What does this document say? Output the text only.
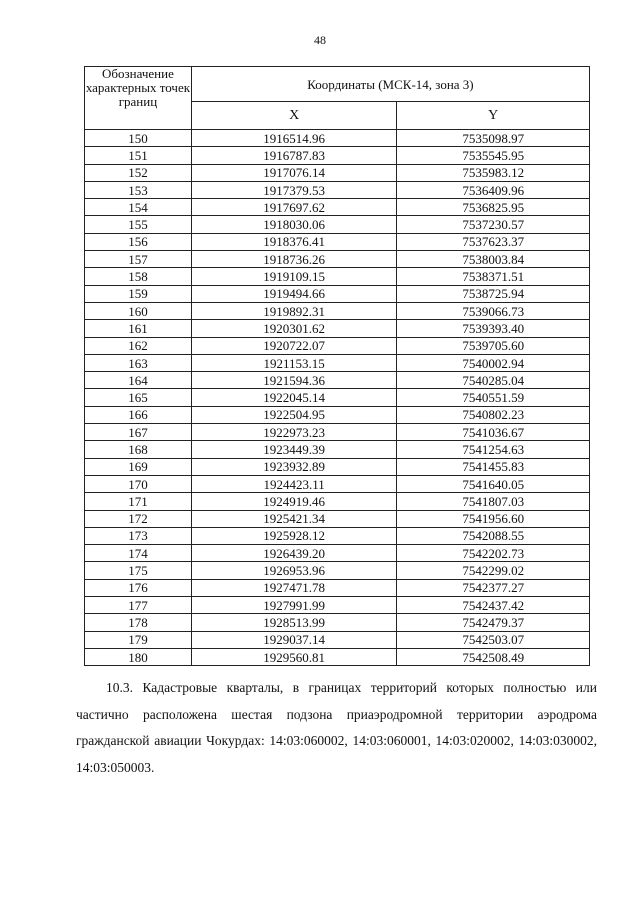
48
Обозначение характерных точек границ	Координаты (МСК-14, зона 3)	
	X	Y
150	1916514.96	7535098.97
151	1916787.83	7535545.95
152	1917076.14	7535983.12
153	1917379.53	7536409.96
154	1917697.62	7536825.95
155	1918030.06	7537230.57
156	1918376.41	7537623.37
157	1918736.26	7538003.84
158	1919109.15	7538371.51
159	1919494.66	7538725.94
160	1919892.31	7539066.73
161	1920301.62	7539393.40
162	1920722.07	7539705.60
163	1921153.15	7540002.94
164	1921594.36	7540285.04
165	1922045.14	7540551.59
166	1922504.95	7540802.23
167	1922973.23	7541036.67
168	1923449.39	7541254.63
169	1923932.89	7541455.83
170	1924423.11	7541640.05
171	1924919.46	7541807.03
172	1925421.34	7541956.60
173	1925928.12	7542088.55
174	1926439.20	7542202.73
175	1926953.96	7542299.02
176	1927471.78	7542377.27
177	1927991.99	7542437.42
178	1928513.99	7542479.37
179	1929037.14	7542503.07
180	1929560.81	7542508.49

10.3. Кадастровые кварталы, в границах территорий которых полностью или частично расположена шестая подзона приаэродромной территории аэродрома гражданской авиации Чокурдах: 14:03:060002, 14:03:060001, 14:03:020002, 14:03:030002, 14:03:050003.
